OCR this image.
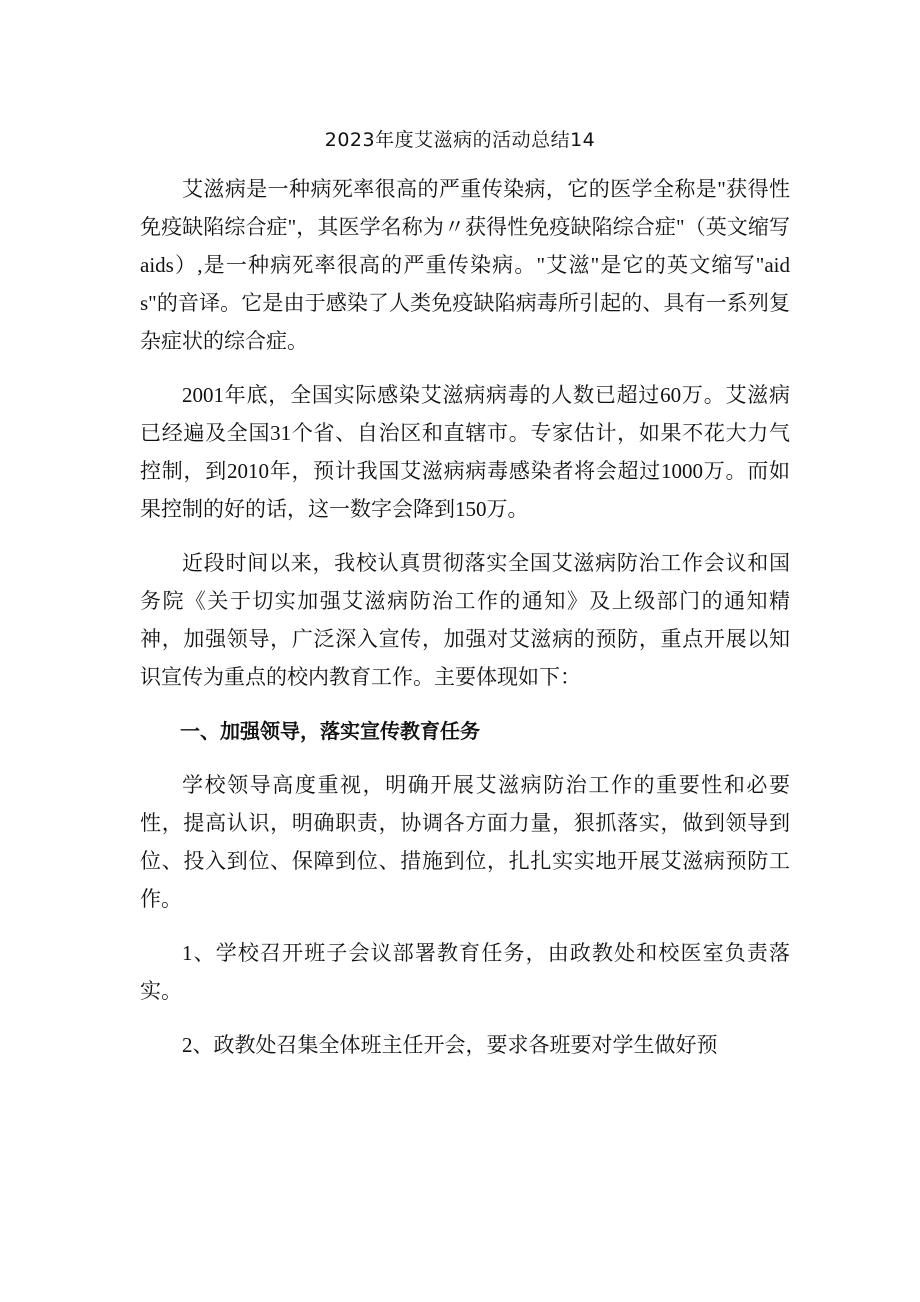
2023年度艾滋病的活动总结14

艾滋病是一种病死率很高的严重传染病，它的医学全称是"获得性免疫缺陷综合症"，其医学名称为〃获得性免疫缺陷综合症"（英文缩写aids）,是一种病死率很高的严重传染病。"艾滋"是它的英文缩写"aids"的音译。它是由于感染了人类免疫缺陷病毒所引起的、具有一系列复杂症状的综合症。

2001年底，全国实际感染艾滋病病毒的人数已超过60万。艾滋病已经遍及全国31个省、自治区和直辖市。专家估计，如果不花大力气控制，到2010年，预计我国艾滋病病毒感染者将会超过1000万。而如果控制的好的话，这一数字会降到150万。

近段时间以来，我校认真贯彻落实全国艾滋病防治工作会议和国务院《关于切实加强艾滋病防治工作的通知》及上级部门的通知精神，加强领导，广泛深入宣传，加强对艾滋病的预防，重点开展以知识宣传为重点的校内教育工作。主要体现如下：

一、加强领导，落实宣传教育任务

学校领导高度重视，明确开展艾滋病防治工作的重要性和必要性，提高认识，明确职责，协调各方面力量，狠抓落实，做到领导到位、投入到位、保障到位、措施到位，扎扎实实地开展艾滋病预防工作。

1、学校召开班子会议部署教育任务，由政教处和校医室负责落实。

2、政教处召集全体班主任开会，要求各班要对学生做好预
